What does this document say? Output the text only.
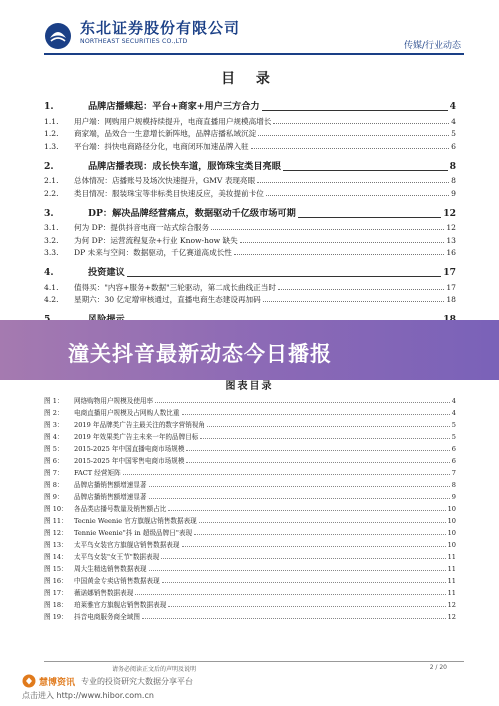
东北证券股份有限公司
NORTHEAST SECURITIES CO.,LTD	传媒/行业动态
目 录
1.	品牌店播蝶起：平台+商家+用户三方合力	4
1.1.	用户端：网购用户规模持续提升，电商直播用户规模高增长	4
1.2.	商家端，品效合一生意增长新阵地，品牌店播私域沉淀	5
1.3.	平台端：抖快电商路径分化，电商闭环加速品牌入驻	6
2.	品牌店播表现：成长快车道，服饰珠宝类目亮眼	8
2.1.	总体情况：店播账号及场次快速提升，GMV 表现亮眼	8
2.2.	类目情况：服装珠宝等非标类目快速反应，美妆提前卡位	9
3.	DP：解决品牌经营痛点，数据驱动千亿级市场可期	12
3.1.	何为 DP：提供抖音电商一站式综合服务	12
3.2.	为何 DP：运营流程复杂+行业 Know-how 缺失	13
3.3.	DP 未来与空间：数据驱动，千亿赛道高成长性	16
4.	投资建议	17
4.1.	值得买："内容+服务+数据"三轮驱动，第二成长曲线正当时	17
4.2.	星期六：30 亿定增审核通过，直播电商生态建设再加码	18
图表目录
图 1：	网络购物用户规模及使用率	4
图 2：	电商直播用户规模及占网购人数比重	4
图 3：	2019 年品牌类广告主最关注的数字营销视角	5
图 4：	2019 年效果类广告主未来一年的品牌目标	5
图 5：	2015-2025 年中国直播电商市场规模	6
图 6：	2015-2025 年中国零售电商市场规模	6
图 7：	FACT 经营矩阵	7
图 8：	品牌店播销售额增速显著	8
图 9：	品牌店播销售额增速显著	9
图 10： 各品类店播号数量及销售额占比	10
图 11： Tecnie Weenie 官方旗舰店销售数据表现	10
图 12： Tennie Weenie"抖 in 超级品牌日"表现	10
图 13： 太平鸟女装官方旗舰店销售数据表现	10
图 14： 太平鸟女装"女王节"数据表现	11
图 15： 周大生精选销售数据表现	11
图 16： 中国黄金专卖店销售数据表现	11
图 17： 薇诺娜销售数据表现	11
图 18： 珀莱雅官方旗舰店销售数据表现	12
图 19： 抖音电商服务商全域图	12
潼关抖音最新动态今日播报
请务必阅读正文后的声明及说明	2 / 20
慧博资讯 专业的投资研究大数据分享平台
点击进入 http://www.hibor.com.cn
